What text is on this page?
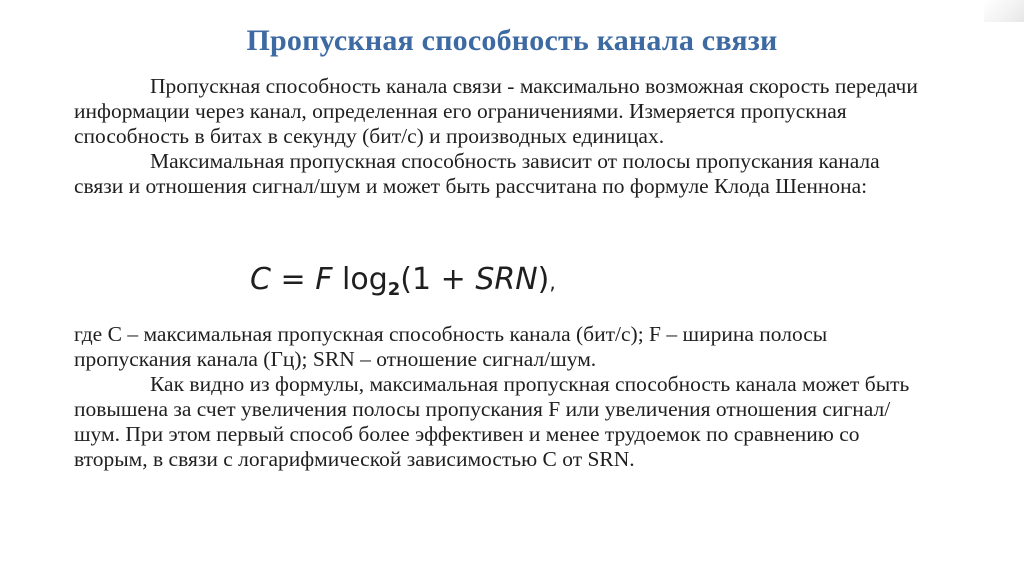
Пропускная способность канала связи

Пропускная способность канала связи - максимально возможная скорость передачи информации через канал, определенная его ограничениями. Измеряется пропускная способность в битах в секунду (бит/с) и производных единицах.

Максимальная пропускная способность зависит от полосы пропускания канала связи и отношения сигнал/шум и может быть рассчитана по формуле Клода Шеннона:

C = F $\log_2(1 + SRN)$,

где С – максимальная пропускная способность канала (бит/с); F – ширина полосы пропускания канала (Гц); SRN – отношение сигнал/шум.

Как видно из формулы, максимальная пропускная способность канала может быть повышена за счет увеличения полосы пропускания F или увеличения отношения сигнал/шум. При этом первый способ более эффективен и менее трудоемок по сравнению со вторым, в связи с логарифмической зависимостью С от SRN.
